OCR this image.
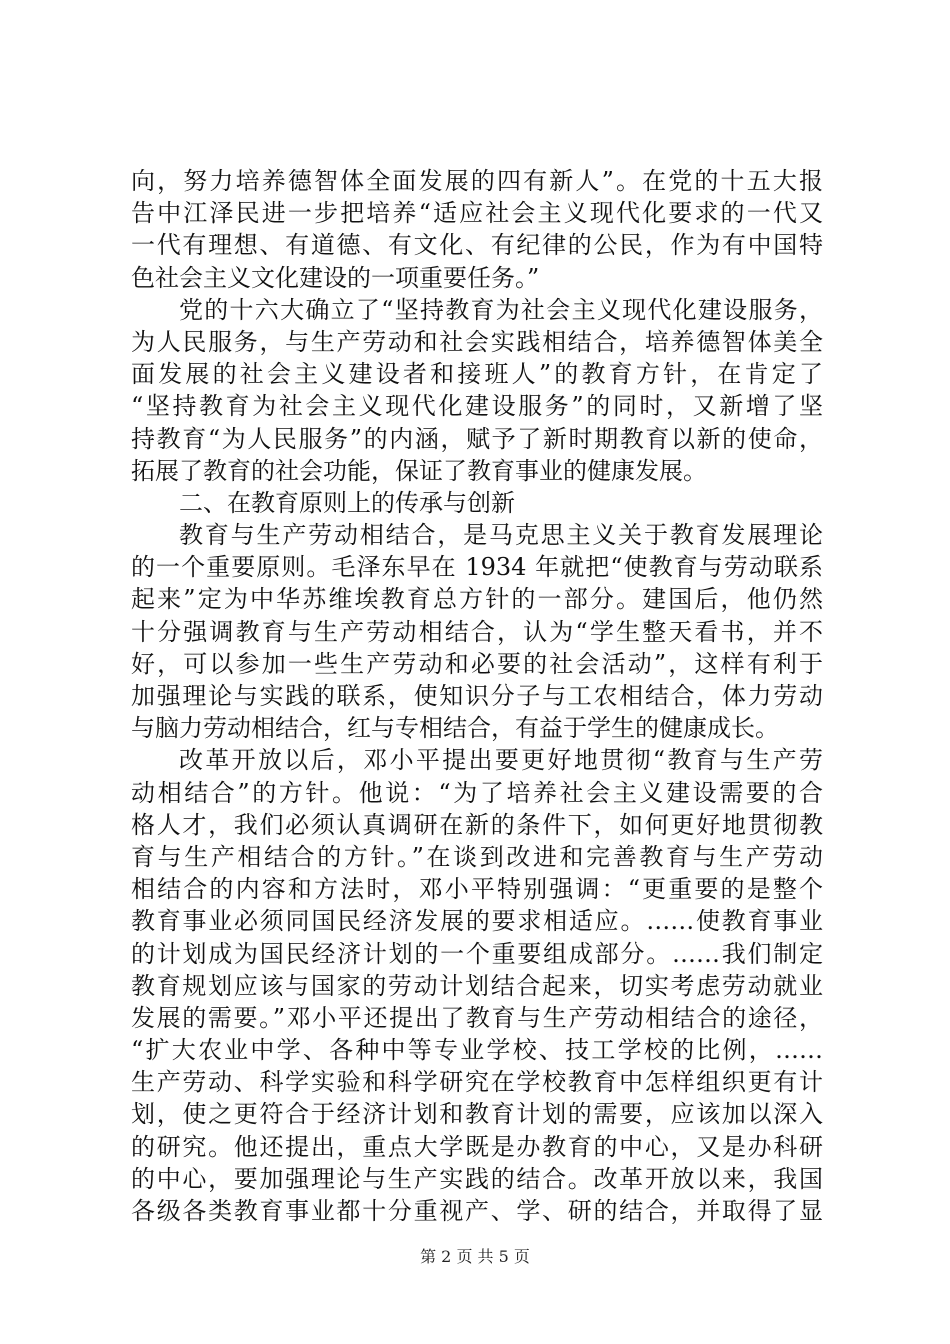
向，努力培养德智体全面发展的四有新人”。在党的十五大报
告中江泽民进一步把培养“适应社会主义现代化要求的一代又
一代有理想、有道德、有文化、有纪律的公民，作为有中国特
色社会主义文化建设的一项重要任务。”
党的十六大确立了“坚持教育为社会主义现代化建设服务，
为人民服务，与生产劳动和社会实践相结合，培养德智体美全
面发展的社会主义建设者和接班人”的教育方针，在肯定了
“坚持教育为社会主义现代化建设服务”的同时，又新增了坚
持教育“为人民服务”的内涵，赋予了新时期教育以新的使命，
拓展了教育的社会功能，保证了教育事业的健康发展。
二、在教育原则上的传承与创新
教育与生产劳动相结合，是马克思主义关于教育发展理论
的一个重要原则。毛泽东早在 1934 年就把“使教育与劳动联系
起来”定为中华苏维埃教育总方针的一部分。建国后，他仍然
十分强调教育与生产劳动相结合，认为“学生整天看书，并不
好，可以参加一些生产劳动和必要的社会活动”，这样有利于
加强理论与实践的联系，使知识分子与工农相结合，体力劳动
与脑力劳动相结合，红与专相结合，有益于学生的健康成长。
改革开放以后，邓小平提出要更好地贯彻“教育与生产劳
动相结合”的方针。他说：“为了培养社会主义建设需要的合
格人才，我们必须认真调研在新的条件下，如何更好地贯彻教
育与生产相结合的方针。”在谈到改进和完善教育与生产劳动
相结合的内容和方法时，邓小平特别强调：“更重要的是整个
教育事业必须同国民经济发展的要求相适应。……使教育事业
的计划成为国民经济计划的一个重要组成部分。……我们制定
教育规划应该与国家的劳动计划结合起来，切实考虑劳动就业
发展的需要。”邓小平还提出了教育与生产劳动相结合的途径，
“扩大农业中学、各种中等专业学校、技工学校的比例，……
生产劳动、科学实验和科学研究在学校教育中怎样组织更有计
划，使之更符合于经济计划和教育计划的需要，应该加以深入
的研究。他还提出，重点大学既是办教育的中心，又是办科研
的中心，要加强理论与生产实践的结合。改革开放以来，我国
各级各类教育事业都十分重视产、学、研的结合，并取得了显
第 2 页 共 5 页
